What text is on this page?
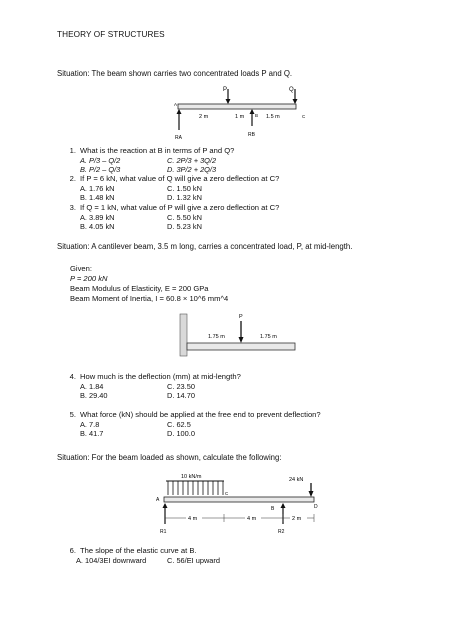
THEORY OF STRUCTURES
Situation: The beam shown carries two concentrated loads P and Q.
P	Q
A
RA
B
RB
C
2 m	1 m	1.5 m
1. What is the reaction at B in terms of P and Q?
A. P/3 – Q/2	C. 2P/3 + 3Q/2
B. P/2 – Q/3	D. 3P/2 + 2Q/3
2. If P = 6 kN, what value of Q will give a zero deflection at C?
A. 1.76 kN	C. 1.50 kN
B. 1.48 kN	D. 1.32 kN
3. If Q = 1 kN, what value of P will give a zero deflection at C?
A. 3.89 kN	C. 5.50 kN
B. 4.05 kN	D. 5.23 kN
Situation: A cantilever beam, 3.5 m long, carries a concentrated load, P, at mid-length.
Given:
P = 200 kN
Beam Modulus of Elasticity, E = 200 GPa
Beam Moment of Inertia, I = 60.8 × 10^6 mm^4
P
1.75 m	1.75 m
4. How much is the deflection (mm) at mid-length?
A. 1.84	C. 23.50
B. 29.40	D. 14.70
5. What force (kN) should be applied at the free end to prevent deflection?
A. 7.8	C. 62.5
B. 41.7	D. 100.0
Situation: For the beam loaded as shown, calculate the following:
10 kN/m
C
A
B	D
24 kN
R1	R2
4 m	4 m	2 m
6. The slope of the elastic curve at B.
A. 104/3EI downward	C. 56/EI upward
